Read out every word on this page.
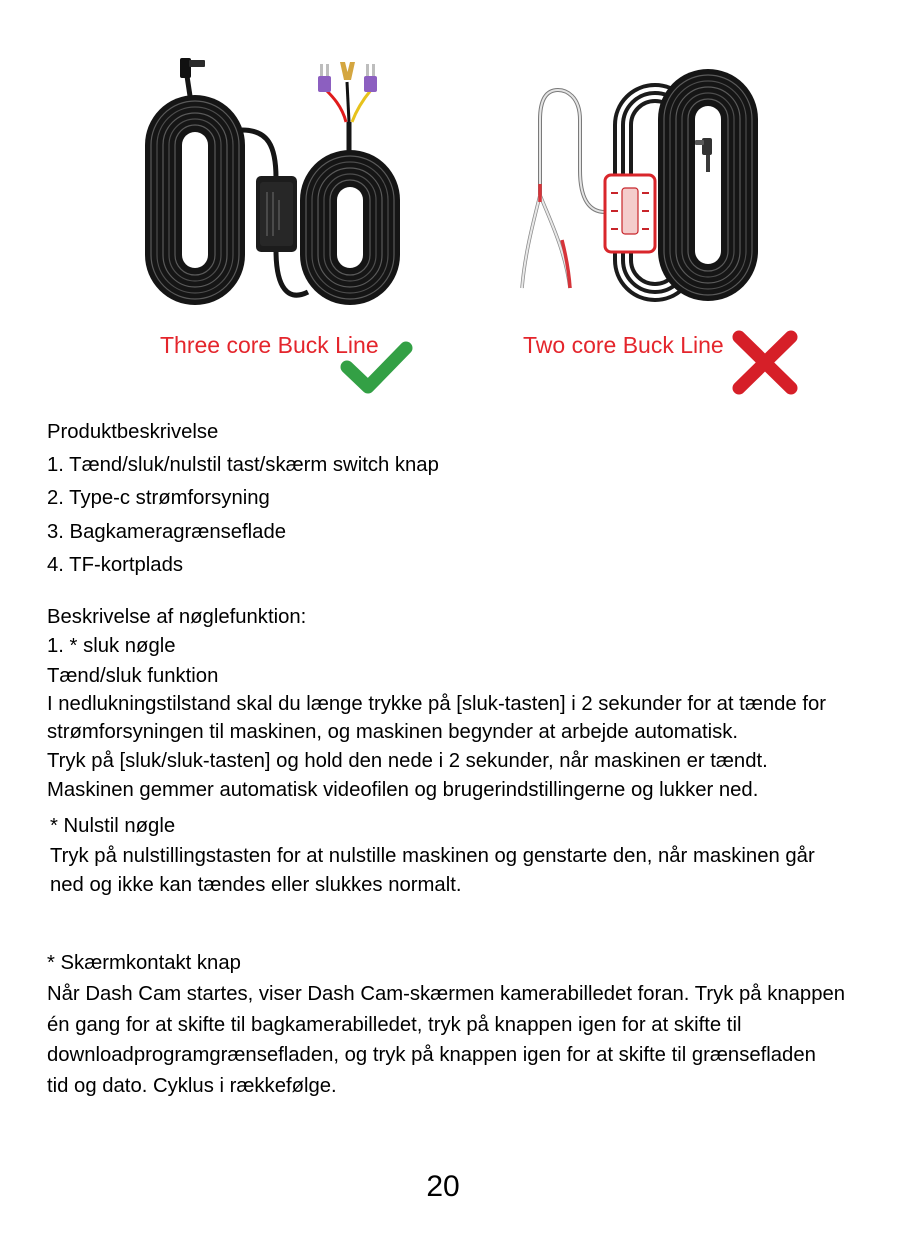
Three core Buck Line	Two core Buck Line
Produktbeskrivelse
1. Tænd/sluk/nulstil tast/skærm switch knap
2. Type-c strømforsyning
3. Bagkameragrænseflade
4. TF-kortplads
Beskrivelse af nøglefunktion:
1. * sluk nøgle
Tænd/sluk funktion
I nedlukningstilstand skal du længe trykke på [sluk-tasten] i 2 sekunder for at tænde for
strømforsyningen til maskinen, og maskinen begynder at arbejde automatisk.
Tryk på [sluk/sluk-tasten] og hold den nede i 2 sekunder, når maskinen er tændt.
Maskinen gemmer automatisk videofilen og brugerindstillingerne og lukker ned.
* Nulstil nøgle
Tryk på nulstillingstasten for at nulstille maskinen og genstarte den, når maskinen går
ned og ikke kan tændes eller slukkes normalt.
* Skærmkontakt knap
Når Dash Cam startes, viser Dash Cam-skærmen kamerabilledet foran. Tryk på knappen
én gang for at skifte til bagkamerabilledet, tryk på knappen igen for at skifte til
downloadprogramgrænsefladen, og tryk på knappen igen for at skifte til grænsefladen
tid og dato. Cyklus i rækkefølge.
20
